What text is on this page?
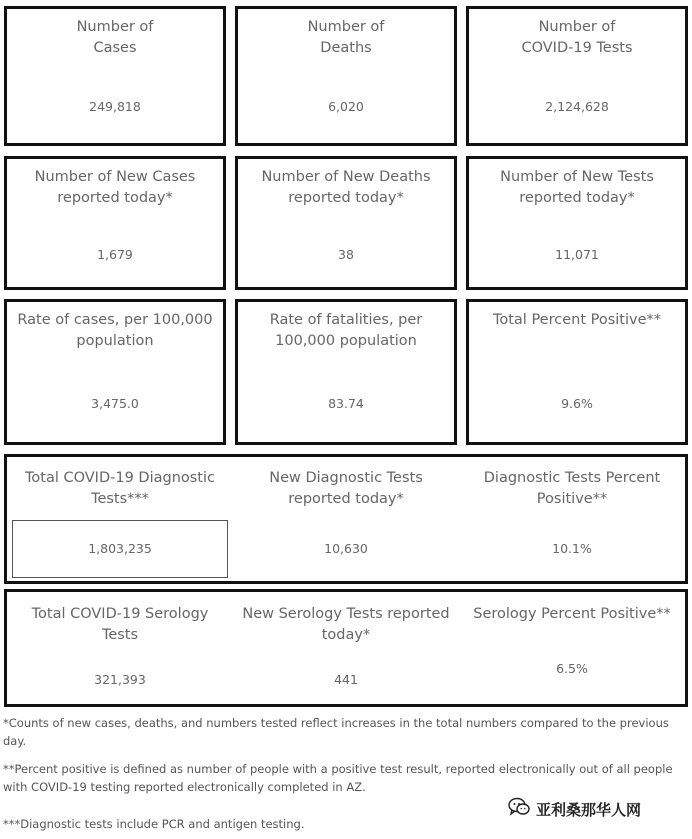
Number of
Cases
249,818
Number of
Deaths
6,020
Number of
COVID-19 Tests
2,124,628
Number of New Cases
reported today*
1,679
Number of New Deaths
reported today*
38
Number of New Tests
reported today*
11,071
Rate of cases, per 100,000
population
3,475.0
Rate of fatalities, per
100,000 population
83.74
Total Percent Positive**
9.6%
Total COVID-19 Diagnostic
Tests***
1,803,235
New Diagnostic Tests
reported today*
10,630
Diagnostic Tests Percent
Positive**
10.1%
Total COVID-19 Serology
Tests
321,393
New Serology Tests reported
today*
441
Serology Percent Positive**
6.5%
*Counts of new cases, deaths, and numbers tested reflect increases in the total numbers compared to the previous day.
**Percent positive is defined as number of people with a positive test result, reported electronically out of all people with COVID-19 testing reported electronically completed in AZ.
***Diagnostic tests include PCR and antigen testing.
亚利桑那华人网
